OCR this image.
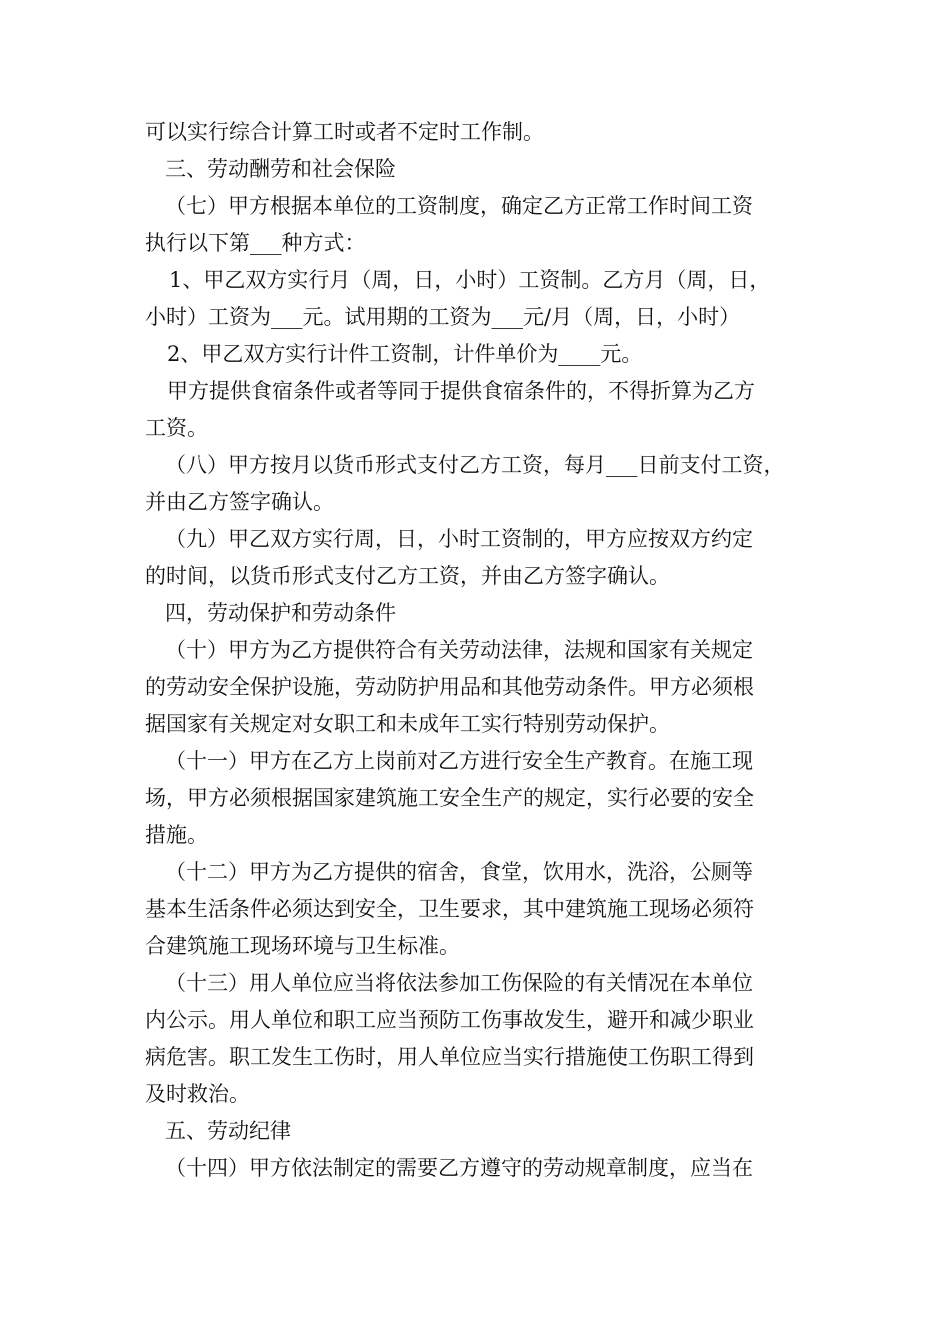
可以实行综合计算工时或者不定时工作制。
三、劳动酬劳和社会保险
（七）甲方根据本单位的工资制度，确定乙方正常工作时间工资
执行以下第___种方式：
1、甲乙双方实行月（周，日，小时）工资制。乙方月（周，日，
小时）工资为___元。试用期的工资为___元/月（周，日，小时）
2、甲乙双方实行计件工资制，计件单价为____元。
甲方提供食宿条件或者等同于提供食宿条件的，不得折算为乙方
工资。
（八）甲方按月以货币形式支付乙方工资，每月___日前支付工资，
并由乙方签字确认。
（九）甲乙双方实行周，日，小时工资制的，甲方应按双方约定
的时间，以货币形式支付乙方工资，并由乙方签字确认。
四，劳动保护和劳动条件
（十）甲方为乙方提供符合有关劳动法律，法规和国家有关规定
的劳动安全保护设施，劳动防护用品和其他劳动条件。甲方必须根
据国家有关规定对女职工和未成年工实行特别劳动保护。
（十一）甲方在乙方上岗前对乙方进行安全生产教育。在施工现
场，甲方必须根据国家建筑施工安全生产的规定，实行必要的安全
措施。
（十二）甲方为乙方提供的宿舍，食堂，饮用水，洗浴，公厕等
基本生活条件必须达到安全，卫生要求，其中建筑施工现场必须符
合建筑施工现场环境与卫生标准。
（十三）用人单位应当将依法参加工伤保险的有关情况在本单位
内公示。用人单位和职工应当预防工伤事故发生，避开和减少职业
病危害。职工发生工伤时，用人单位应当实行措施使工伤职工得到
及时救治。
五、劳动纪律
（十四）甲方依法制定的需要乙方遵守的劳动规章制度，应当在
